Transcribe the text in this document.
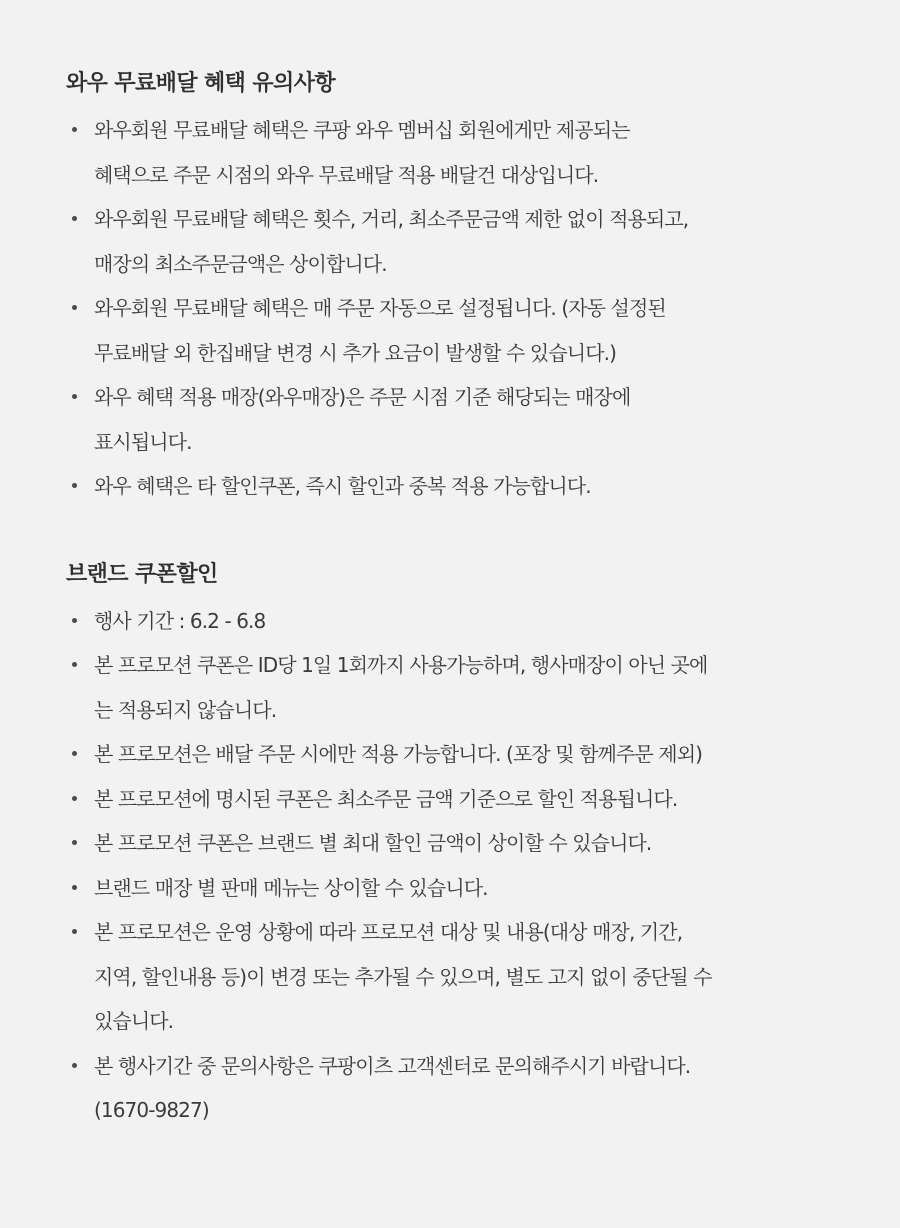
와우 무료배달 혜택 유의사항
와우회원 무료배달 혜택은 쿠팡 와우 멤버십 회원에게만 제공되는
혜택으로 주문 시점의 와우 무료배달 적용 배달건 대상입니다.
와우회원 무료배달 혜택은 횟수, 거리, 최소주문금액 제한 없이 적용되고,
매장의 최소주문금액은 상이합니다.
와우회원 무료배달 혜택은 매 주문 자동으로 설정됩니다. (자동 설정된
무료배달 외 한집배달 변경 시 추가 요금이 발생할 수 있습니다.)
와우 혜택 적용 매장(와우매장)은 주문 시점 기준 해당되는 매장에
표시됩니다.
와우 혜택은 타 할인쿠폰, 즉시 할인과 중복 적용 가능합니다.
브랜드 쿠폰할인
행사 기간 : 6.2 - 6.8
본 프로모션 쿠폰은 ID당 1일 1회까지 사용가능하며, 행사매장이 아닌 곳에
는 적용되지 않습니다.
본 프로모션은 배달 주문 시에만 적용 가능합니다. (포장 및 함께주문 제외)
본 프로모션에 명시된 쿠폰은 최소주문 금액 기준으로 할인 적용됩니다.
본 프로모션 쿠폰은 브랜드 별 최대 할인 금액이 상이할 수 있습니다.
브랜드 매장 별 판매 메뉴는 상이할 수 있습니다.
본 프로모션은 운영 상황에 따라 프로모션 대상 및 내용(대상 매장, 기간,
지역, 할인내용 등)이 변경 또는 추가될 수 있으며, 별도 고지 없이 중단될 수
있습니다.
본 행사기간 중 문의사항은 쿠팡이츠 고객센터로 문의해주시기 바랍니다.
(1670-9827)
